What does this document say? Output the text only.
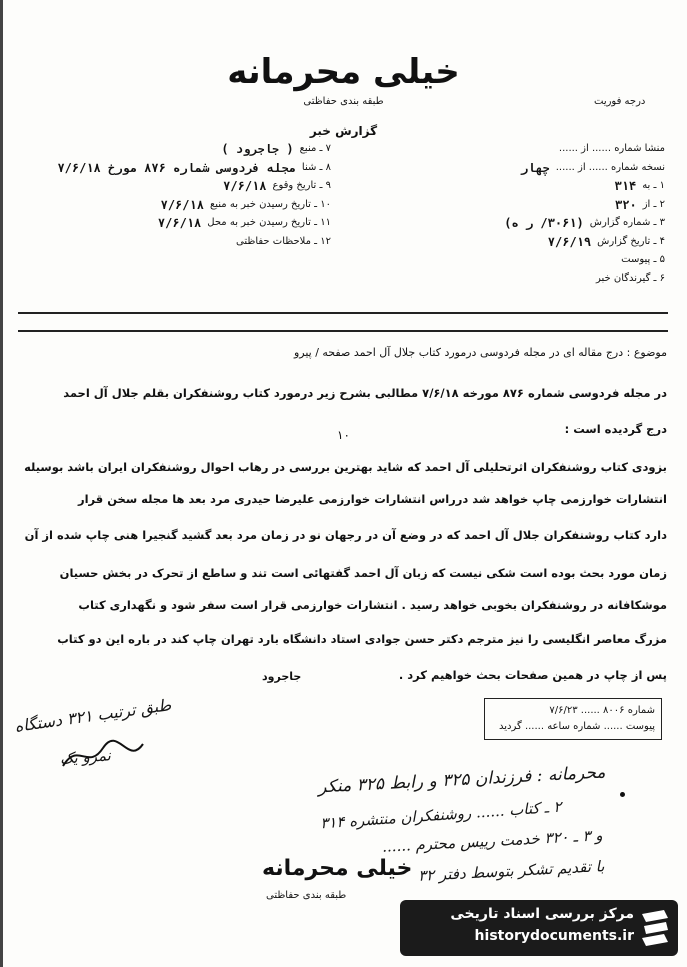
خیلی محرمانه
طبقه بندی حفاظتی	درجه فوریت
گزارش خبر
منشا شماره ...... از ......
نسخه شماره ...... از ......
چهار
۱ ـ به
۳۱۴
۲ ـ از
۳۲۰
۳ ـ شماره گزارش
(۳۰۶۱/ ر ه)
۴ ـ تاریخ گزارش
۷/۶/۱۹
۵ ـ پیوست
۶ ـ گیرندگان خبر
۷ ـ منبع
( جاجرود )
۸ ـ شنا
مجله فردوسی شماره ۸۷۶ مورخ ۷/۶/۱۸
۹ ـ تاریخ وقوع
۷/۶/۱۸
۱۰ ـ تاریخ رسیدن خبر به منبع
۷/۶/۱۸
۱۱ ـ تاریخ رسیدن خبر به محل
۷/۶/۱۸
۱۲ ـ ملاحظات حفاظتی
موضوع : درج مقاله ای در مجله فردوسی درمورد کتاب جلال آل احمد صفحه / پیرو
در مجله فردوسی شماره ۸۷۶ مورخه ۷/۶/۱۸ مطالبی بشرح زیر درمورد کتاب روشنفکران بقلم جلال آل احمد
درج گردیده است :
۱۰
بزودی کتاب روشنفکران اثرتحلیلی آل احمد که شاید بهترین بررسی در رهاب احوال روشنفکران ایران باشد بوسیله
انتشارات خوارزمی چاپ خواهد شد درراس انتشارات خوارزمی علیرضا حیدری مرد بعد ها مجله سخن قرار
دارد کتاب روشنفکران جلال آل احمد که در وضع آن در رجهان نو در زمان مرد بعد گشید گنجیرا هنی چاپ شده از آن
زمان مورد بحث بوده است شکی نیست که زبان آل احمد گفتهائی است تند و ساطع از تحرک در بخش حسیان
موشکافانه در روشنفکران بخوبی خواهد رسید . انتشارات خوارزمی قرار است سفر شود و نگهداری کتاب
مزرگ معاصر انگلیسی را نیز مترجم دکتر حسن جوادی استاد دانشگاه بارد تهران چاپ کند در باره این دو کتاب
پس از چاپ در همین صفحات بحث خواهیم کرد .
جاجرود
شماره ۸۰۰۶ ...... ۷/۶/۲۳
پیوست ...... شماره ساعه ...... گردید
طبق ترتیب ۳۲۱ دستگاه
نمرو یک
محرمانه : فرزندان ۳۲۵ و رابط ۳۲۵ منکر
۲ ـ کتاب ...... روشنفکران منتشره ۳۱۴
و ۳ ـ ۳۲۰ خدمت رییس محترم ......
با تقدیم تشکر بتوسط دفتر ۳۲
خیلی محرمانه
طبقه بندی حفاظتی
مرکز بررسی اسناد تاریخی
historydocuments.ir
